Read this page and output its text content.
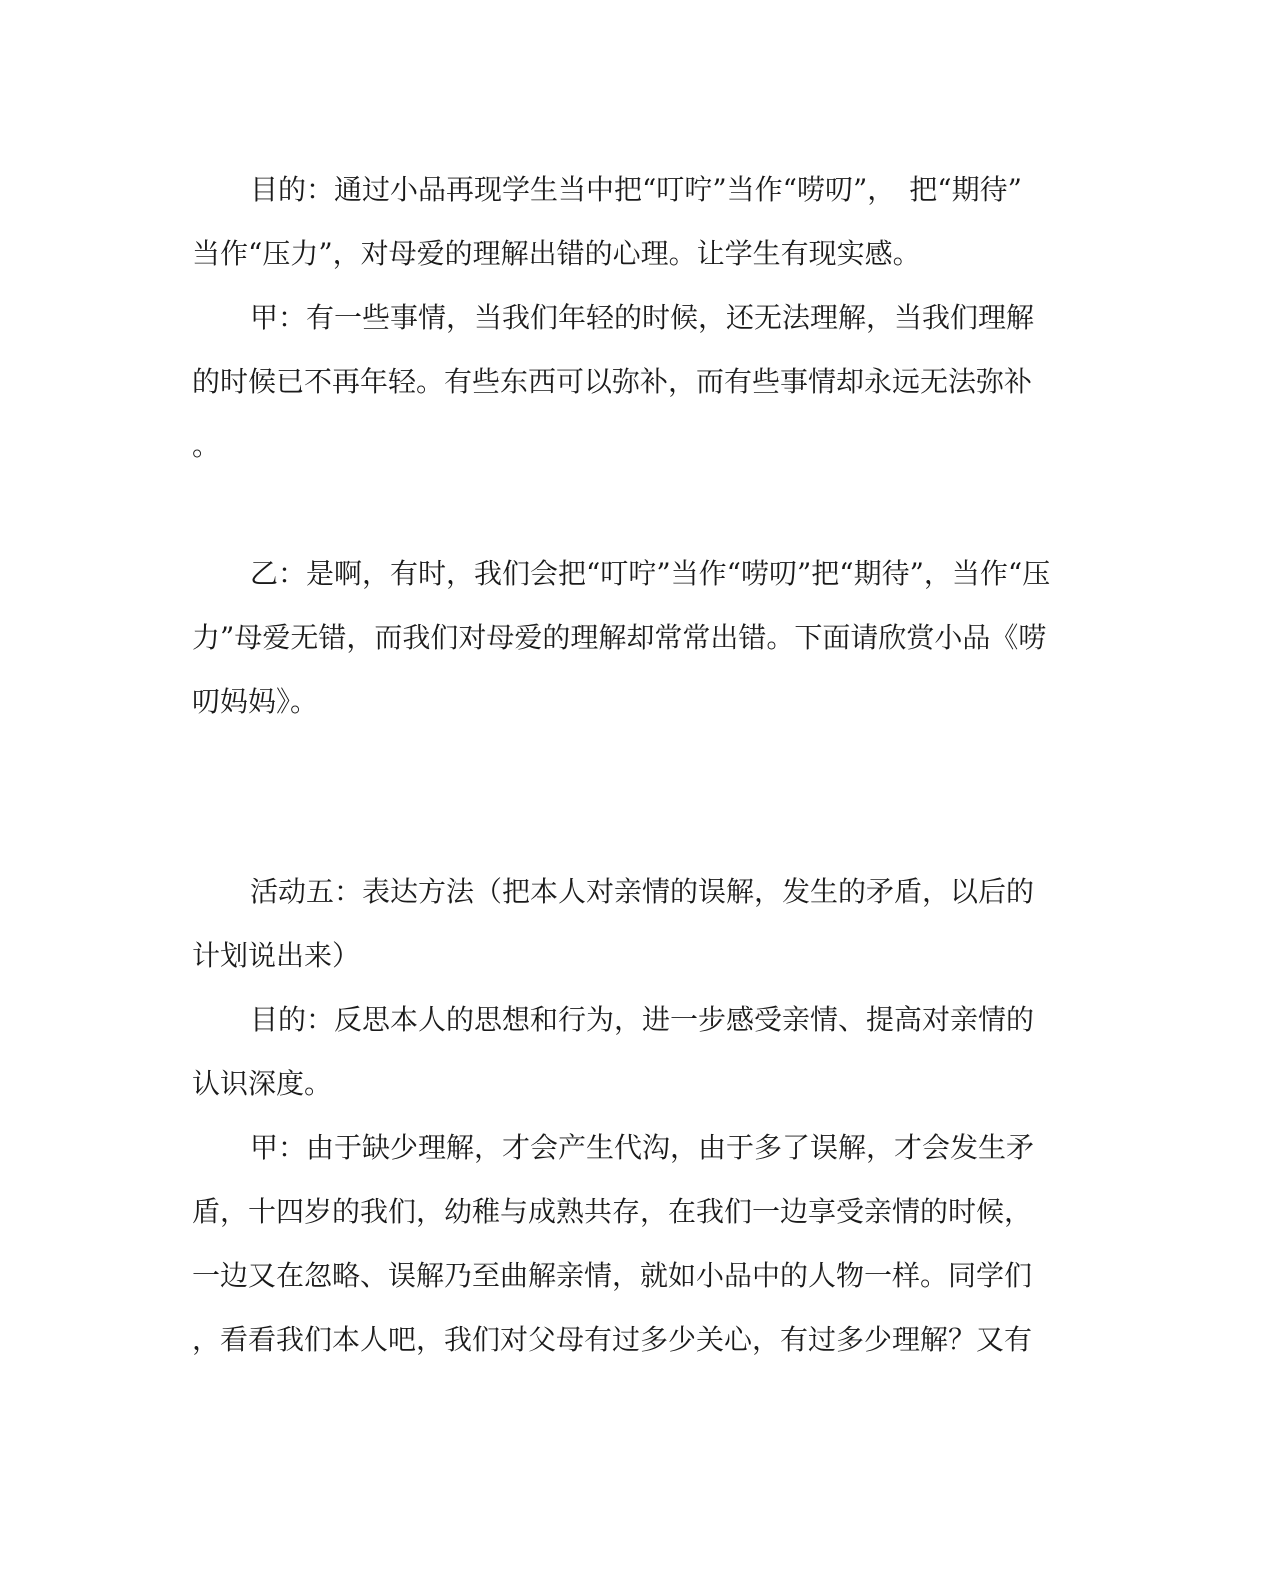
目的：通过小品再现学生当中把“叮咛”当作“唠叨”，　把“期待”

当作“压力”，对母爱的理解出错的心理。让学生有现实感。

甲：有一些事情，当我们年轻的时候，还无法理解，当我们理解

的时候已不再年轻。有些东西可以弥补，而有些事情却永远无法弥补

。

乙：是啊，有时，我们会把“叮咛”当作“唠叨”把“期待”，当作“压

力”母爱无错，而我们对母爱的理解却常常出错。下面请欣赏小品《唠

叨妈妈》。

活动五：表达方法（把本人对亲情的误解，发生的矛盾，以后的

计划说出来）

目的：反思本人的思想和行为，进一步感受亲情、提高对亲情的

认识深度。

甲：由于缺少理解，才会产生代沟，由于多了误解，才会发生矛

盾，十四岁的我们，幼稚与成熟共存，在我们一边享受亲情的时候，

一边又在忽略、误解乃至曲解亲情，就如小品中的人物一样。同学们

，看看我们本人吧，我们对父母有过多少关心，有过多少理解？又有
